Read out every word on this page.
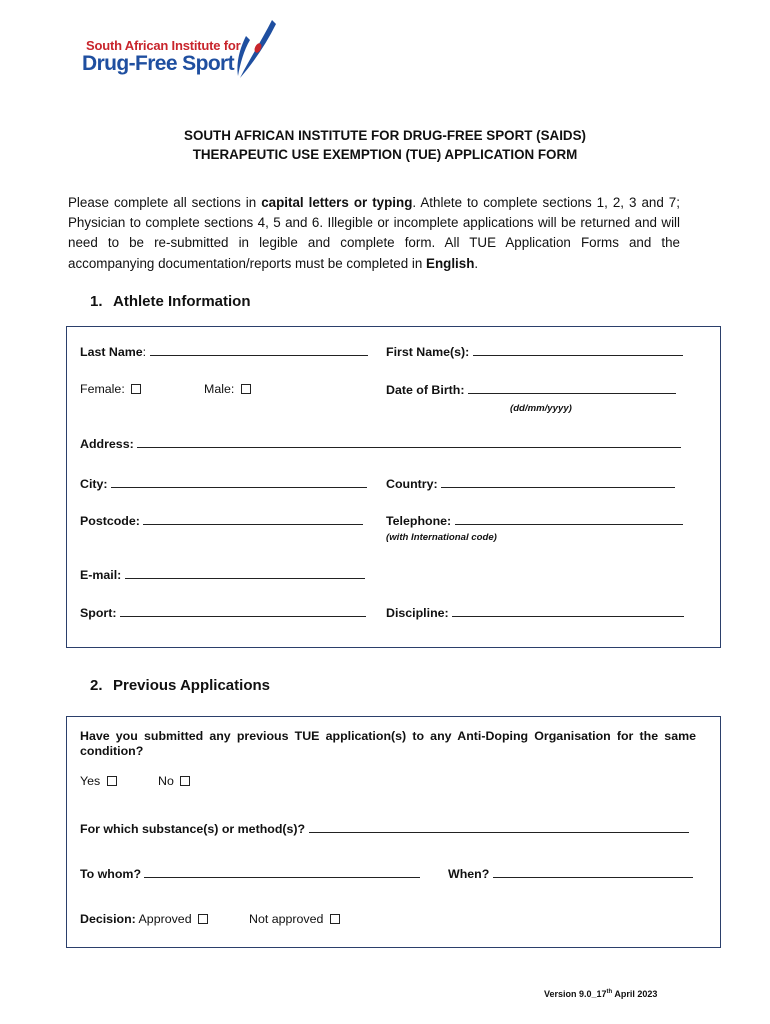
South African Institute for
Drug-Free Sport
SOUTH AFRICAN INSTITUTE FOR DRUG-FREE SPORT (SAIDS)
THERAPEUTIC USE EXEMPTION (TUE) APPLICATION FORM
Please complete all sections in capital letters or typing. Athlete to complete sections 1, 2, 3 and 7; Physician to complete sections 4, 5 and 6. Illegible or incomplete applications will be returned and will need to be re-submitted in legible and complete form. All TUE Application Forms and the accompanying documentation/reports must be completed in English.
1. Athlete Information
Last Name:	First Name(s):
Female:	Male:	Date of Birth:
(dd/mm/yyyy)
Address:
City:	Country:
Postcode:	Telephone:
(with International code)
E-mail:
Sport:	Discipline:
2. Previous Applications
Have you submitted any previous TUE application(s) to any Anti-Doping Organisation for the same condition?
Yes	No
For which substance(s) or method(s)?
To whom?	When?
Decision: Approved	Not approved
Version 9.0_17th April 2023
